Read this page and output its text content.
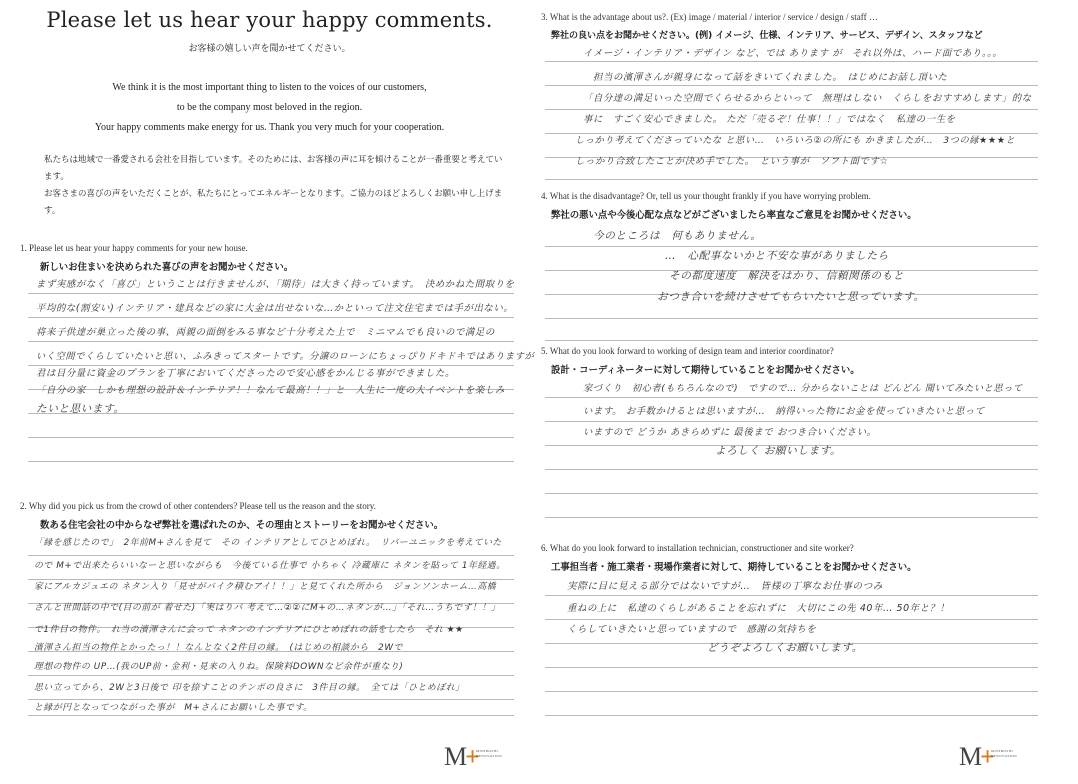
Please let us hear your happy comments.
お客様の嬉しい声を聞かせてください。
We think it is the most important thing to listen to the voices of our customers,
to be the company most beloved in the region.
Your happy comments make energy for us. Thank you very much for your cooperation.
私たちは地域で一番愛される会社を目指しています。そのためには、お客様の声に耳を傾けることが一番重要と考えています。
お客さまの喜びの声をいただくことが、私たちにとってエネルギーとなります。ご協力のほどよろしくお願い申し上げます。
1. Please let us hear your happy comments for your new house.
新しいお住まいを決められた喜びの声をお聞かせください。
まず実感がなく「喜び」ということは行きませんが、「期待」は大きく持っています。　決めかねた間取りを
平均的な(割安い)インテリア・建具などの家に大金は出せないな…かといって注文住宅までは手が出ない。
将来子供達が巣立った後の事、両親の面倒をみる事など十分考えた上で　ミニマムでも良いので満足の
いく空間でくらしていたいと思い、ふみきってスタートです。分譲のローンにちょっぴりドキドキではありますが
君は目分量に資金のプランを丁寧においてくださったので安心感をかんじる事ができました。
「自分の家　しかも理想の設計＆インテリア！！なんて最高！！」と　人生に一度の大イベントを楽しみ
たいと思います。
2. Why did you pick us from the crowd of other contenders? Please tell us the reason and the story.
数ある住宅会社の中からなぜ弊社を選ばれたのか、その理由とストーリーをお聞かせください。
「縁を感じたので」　2年前M+さんを見て　その インテリアとしてひとめぼれ。　リバーユニックを考えていた
ので M+で出来たらいいなーと思いながらも　今後ている仕事で 小ちゃく 冷蔵庫に ネタンを貼って 1年経過。
家にアルカジュエの ネタン入り「見せがバイク積むアイ！！」と見てくれた所から　ジョンソンホーム…高橋
さんと世間話の中で(目の前が 着せた)「実はりバ 考えて…②②にM+の…ネタンが…」「それ…うちです！！」
で1件目の物件。　れ当の濱渾さんに会って ネタンのインテリアにひとめぼれの話をしたら　それ ★★
濱渾さん担当の物件とかったっ！！なんとなく2件目の縁。　(はじめの相談から　2Wで
理想の物件の UP…(我のUP前・金利・見来の入りね。保険料DOWNなど余件が重なり)
思い立ってから、2Wと3日後で 印を捺すことのテンポの良さに　3件目の縁。　全ては「ひとめぼれ」
と縁が円となってつながった事が　M+さんにお願いした事です。
M+
MINIBOSHI
RENOVATION
3. What is the advantage about us?. (Ex) image / material / interior / service / design / staff …
弊社の良い点をお聞かせください。(例) イメージ、仕様、インテリア、サービス、デザイン、スタッフなど
イメージ・インテリア・デザイン など、では あります が　それ以外は、ハード面であり。。。
担当の濱渾さんが親身になって話をきいてくれました。　はじめにお話し頂いた
「自分達の満足いった空間でくらせるからといって　無理はしない　くらしをおすすめします」的な
事に　すごく安心できました。 ただ「売るぞ！仕事！！」ではなく　私達の一生を
しっかり考えてくださっていたな と思い…　いろいろ②の所にも かきましたが…　3つの縁★★★と
しっかり合致したことが決め手でした。　という事が　ソフト面です☆
4. What is the disadvantage? Or, tell us your thought frankly if you have worrying problem.
弊社の悪い点や今後心配な点などがございましたら率直なご意見をお聞かせください。
今のところは　何もありません。
…　心配事ないかと不安な事がありましたら
その都度速度　解決をはかり、信頼関係のもと
おつき合いを続けさせてもらいたいと思っています。
5. What do you look forward to working of design team and interior coordinator?
設計・コーディネーターに対して期待していることをお聞かせください。
家づくり　初心者(もちろんなので)　ですので… 分からないことは どんどん 聞いてみたいと思って
います。 お手数かけるとは思いますが…　納得いった物にお金を使っていきたいと思って
いますので どうか あきらめずに 最後まで おつき合いください。
よろしく お願いします。
6. What do you look forward to installation technician, constructioner and site worker?
工事担当者・施工業者・現場作業者に対して、期待していることをお聞かせください。
実際に目に見える部分ではないですが…　皆様の丁寧なお仕事のつみ
重ねの上に　私達のくらしがあることを忘れずに　大切にこの先 40年… 50年と？！
くらしていきたいと思っていますので　感謝の気持ちを
どうぞよろしくお願いします。
M+
MINIBOSHI
RENOVATION
